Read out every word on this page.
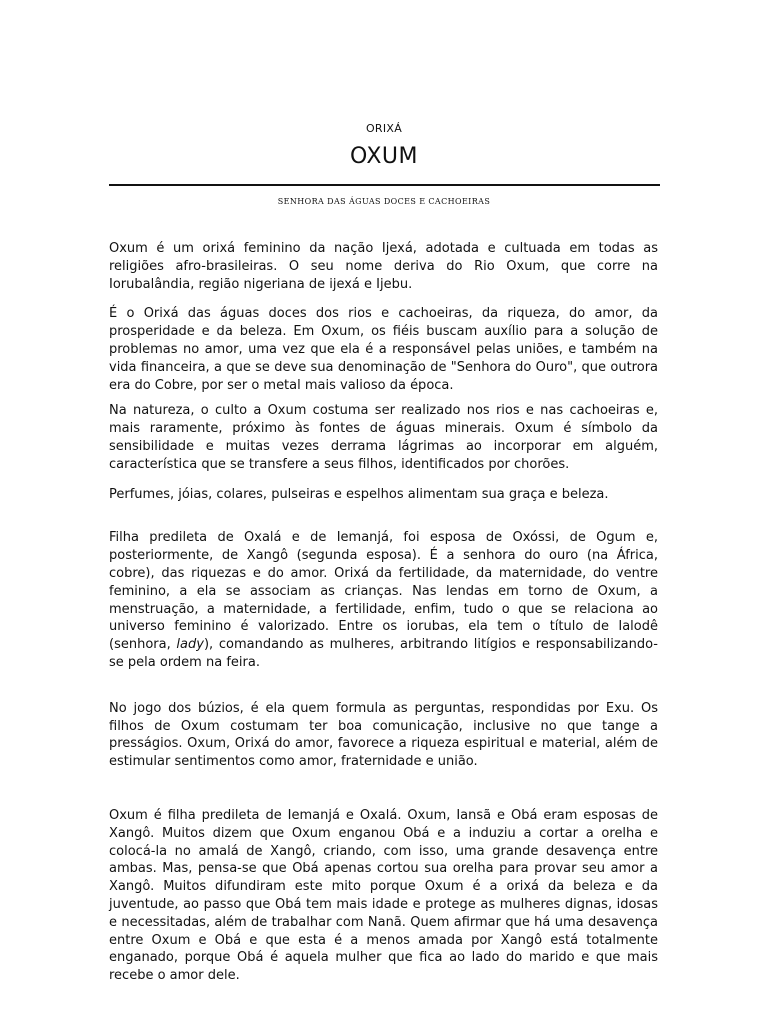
ORIXÁ
OXUM
SENHORA DAS ÁGUAS DOCES E CACHOEIRAS

Oxum é um orixá feminino da nação Ijexá, adotada e cultuada em todas as religiões afro-brasileiras. O seu nome deriva do Rio Oxum, que corre na Iorubalândia, região nigeriana de ijexá e Ijebu.

É o Orixá das águas doces dos rios e cachoeiras, da riqueza, do amor, da prosperidade e da beleza. Em Oxum, os fiéis buscam auxílio para a solução de problemas no amor, uma vez que ela é a responsável pelas uniões, e também na vida financeira, a que se deve sua denominação de "Senhora do Ouro", que outrora era do Cobre, por ser o metal mais valioso da época.

Na natureza, o culto a Oxum costuma ser realizado nos rios e nas cachoeiras e, mais raramente, próximo às fontes de águas minerais. Oxum é símbolo da sensibilidade e muitas vezes derrama lágrimas ao incorporar em alguém, característica que se transfere a seus filhos, identificados por chorões.

Perfumes, jóias, colares, pulseiras e espelhos alimentam sua graça e beleza.

Filha predileta de Oxalá e de Iemanjá, foi esposa de Oxóssi, de Ogum e, posteriormente, de Xangô (segunda esposa). É a senhora do ouro (na África, cobre), das riquezas e do amor. Orixá da fertilidade, da maternidade, do ventre feminino, a ela se associam as crianças. Nas lendas em torno de Oxum, a menstruação, a maternidade, a fertilidade, enfim, tudo o que se relaciona ao universo feminino é valorizado. Entre os iorubas, ela tem o título de Ialodê (senhora, lady), comandando as mulheres, arbitrando litígios e responsabilizando-se pela ordem na feira.

No jogo dos búzios, é ela quem formula as perguntas, respondidas por Exu. Os filhos de Oxum costumam ter boa comunicação, inclusive no que tange a presságios. Oxum, Orixá do amor, favorece a riqueza espiritual e material, além de estimular sentimentos como amor, fraternidade e união.

Oxum é filha predileta de Iemanjá e Oxalá. Oxum, Iansã e Obá eram esposas de Xangô. Muitos dizem que Oxum enganou Obá e a induziu a cortar a orelha e colocá-la no amalá de Xangô, criando, com isso, uma grande desavença entre ambas. Mas, pensa-se que Obá apenas cortou sua orelha para provar seu amor a Xangô. Muitos difundiram este mito porque Oxum é a orixá da beleza e da juventude, ao passo que Obá tem mais idade e protege as mulheres dignas, idosas e necessitadas, além de trabalhar com Nanã. Quem afirmar que há uma desavença entre Oxum e Obá e que esta é a menos amada por Xangô está totalmente enganado, porque Obá é aquela mulher que fica ao lado do marido e que mais recebe o amor dele.
